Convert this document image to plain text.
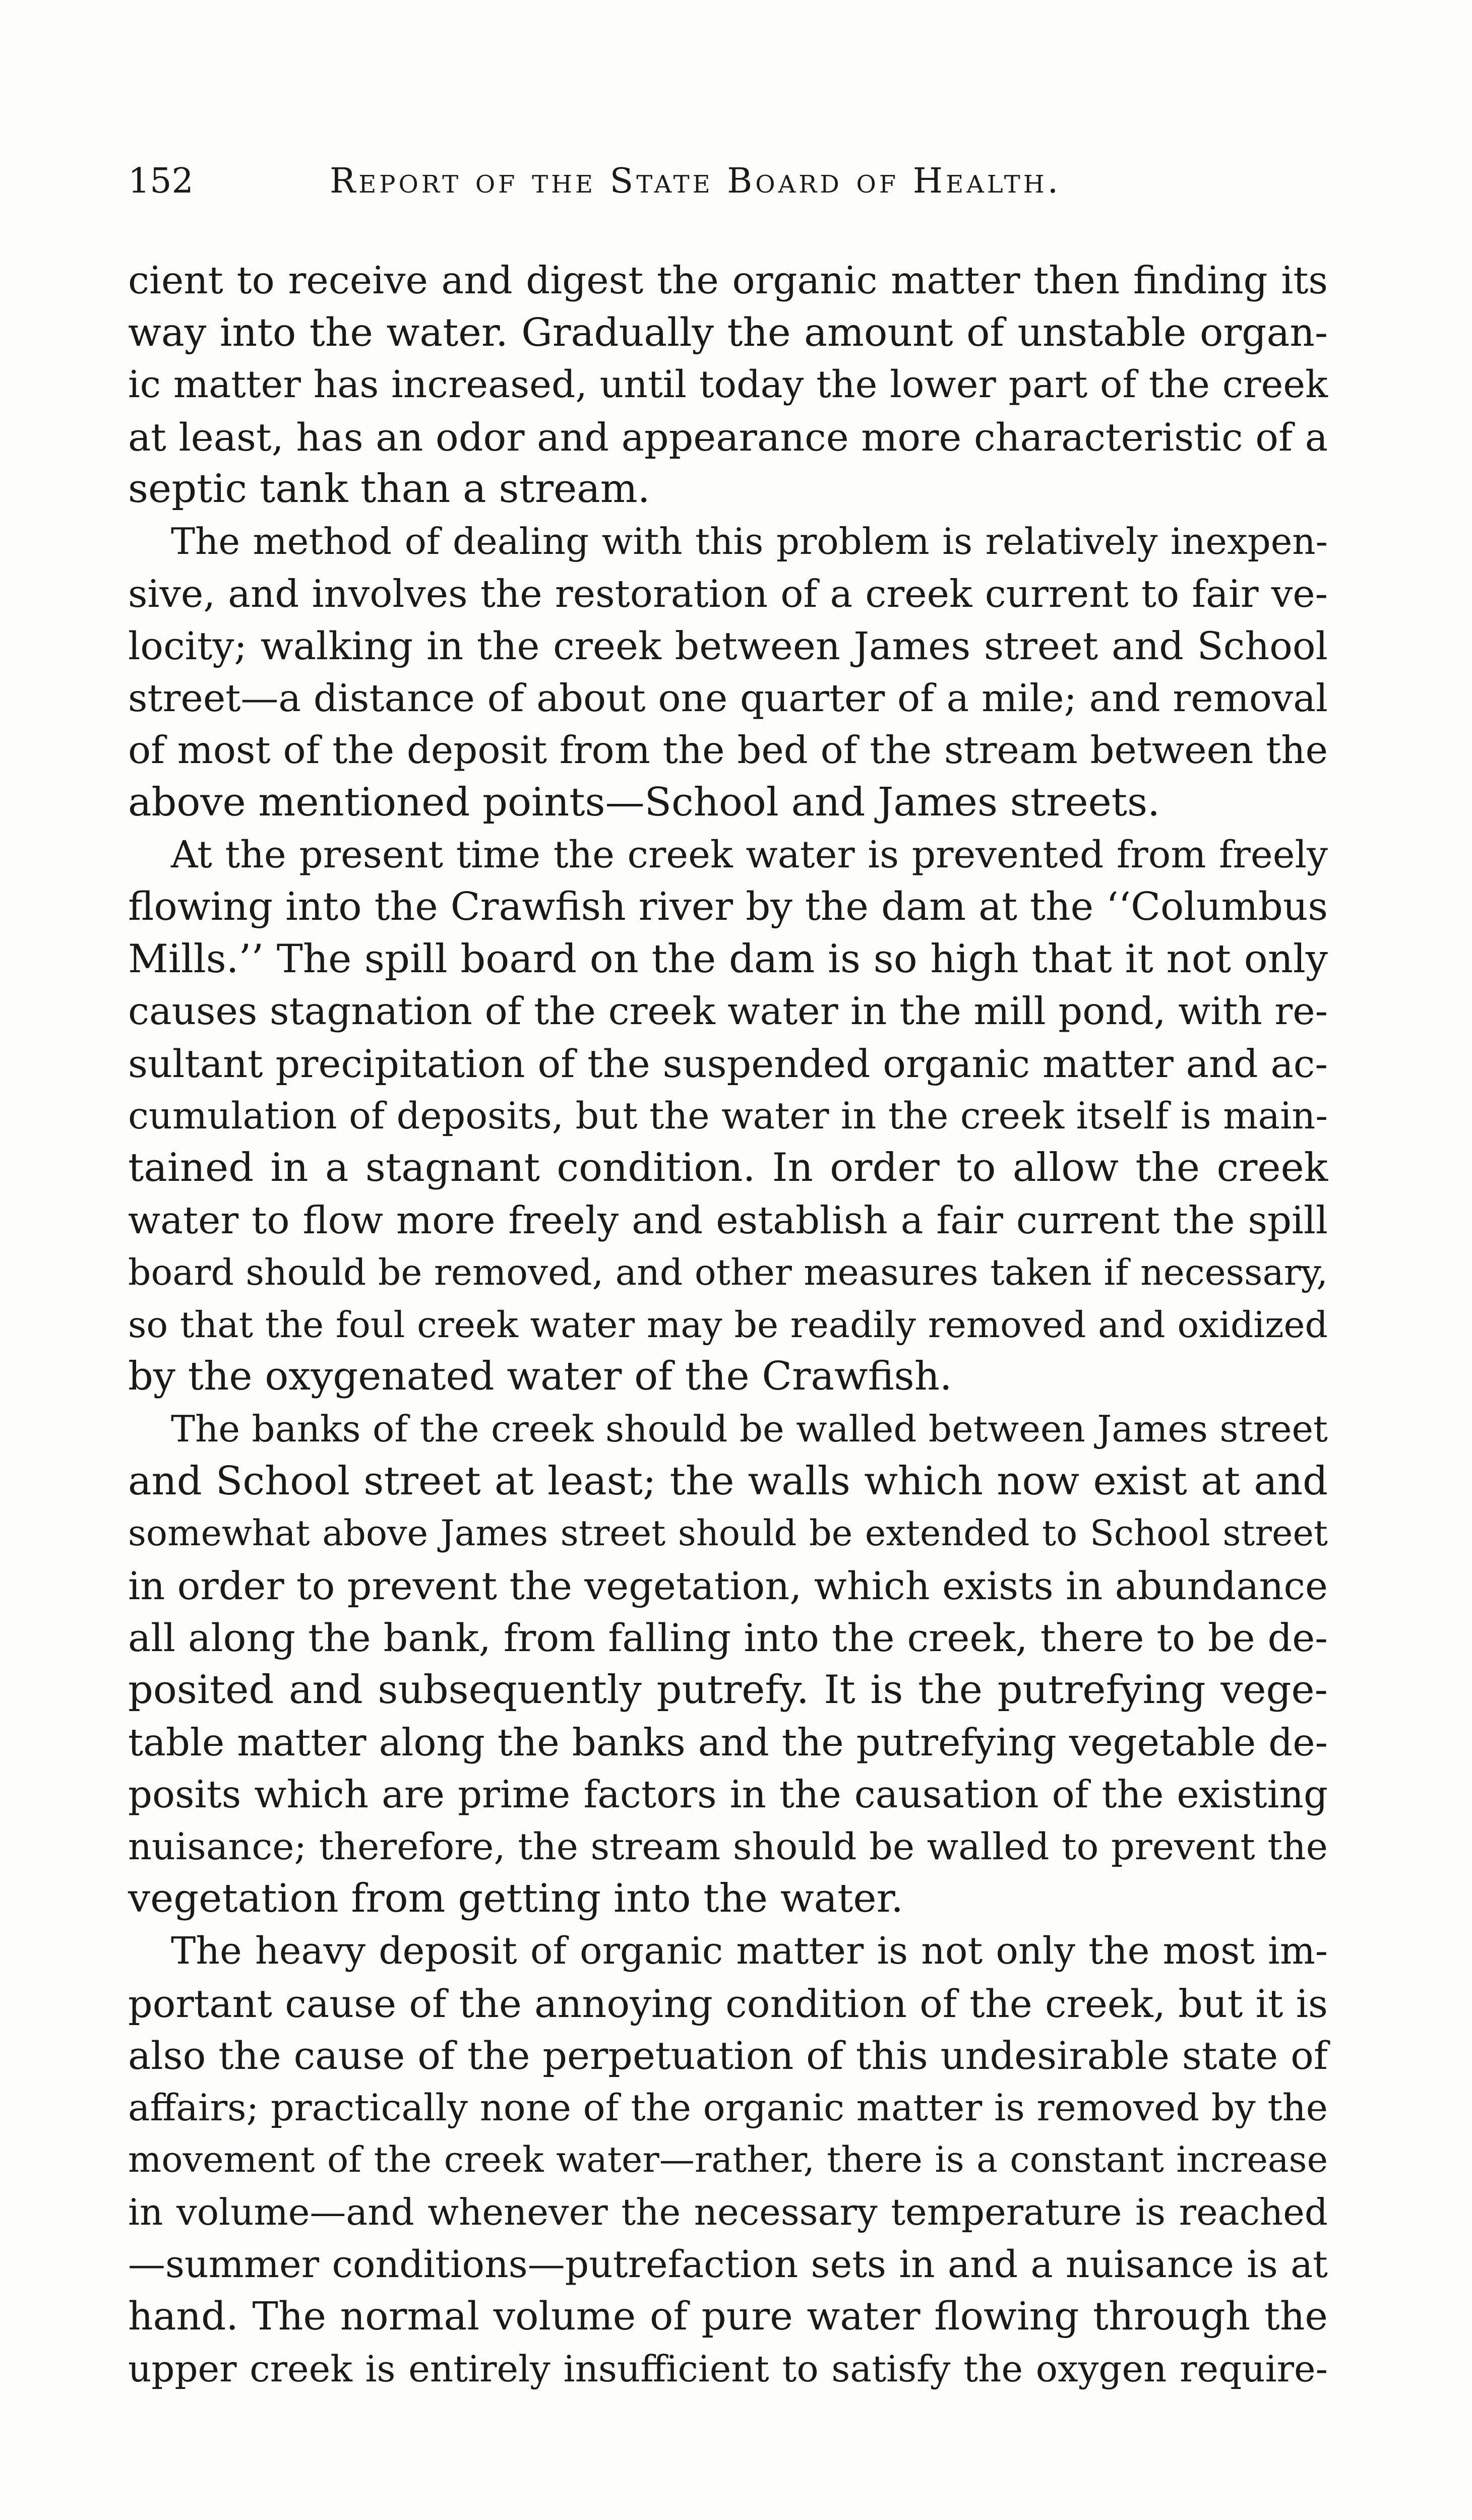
152	Report of the State Board of Health.
cient to receive and digest the organic matter then finding its
way into the water. Gradually the amount of unstable organ-
ic matter has increased, until today the lower part of the creek
at least, has an odor and appearance more characteristic of a
septic tank than a stream.
The method of dealing with this problem is relatively inexpen-
sive, and involves the restoration of a creek current to fair ve-
locity; walking in the creek between James street and School
street—a distance of about one quarter of a mile; and removal
of most of the deposit from the bed of the stream between the
above mentioned points—School and James streets.
At the present time the creek water is prevented from freely
flowing into the Crawfish river by the dam at the ‘‘Columbus
Mills.’’ The spill board on the dam is so high that it not only
causes stagnation of the creek water in the mill pond, with re-
sultant precipitation of the suspended organic matter and ac-
cumulation of deposits, but the water in the creek itself is main-
tained in a stagnant condition. In order to allow the creek
water to flow more freely and establish a fair current the spill
board should be removed, and other measures taken if necessary,
so that the foul creek water may be readily removed and oxidized
by the oxygenated water of the Crawfish.
The banks of the creek should be walled between James street
and School street at least; the walls which now exist at and
somewhat above James street should be extended to School street
in order to prevent the vegetation, which exists in abundance
all along the bank, from falling into the creek, there to be de-
posited and subsequently putrefy. It is the putrefying vege-
table matter along the banks and the putrefying vegetable de-
posits which are prime factors in the causation of the existing
nuisance; therefore, the stream should be walled to prevent the
vegetation from getting into the water.
The heavy deposit of organic matter is not only the most im-
portant cause of the annoying condition of the creek, but it is
also the cause of the perpetuation of this undesirable state of
affairs; practically none of the organic matter is removed by the
movement of the creek water—rather, there is a constant increase
in volume—and whenever the necessary temperature is reached
—summer conditions—putrefaction sets in and a nuisance is at
hand. The normal volume of pure water flowing through the
upper creek is entirely insufficient to satisfy the oxygen require-
